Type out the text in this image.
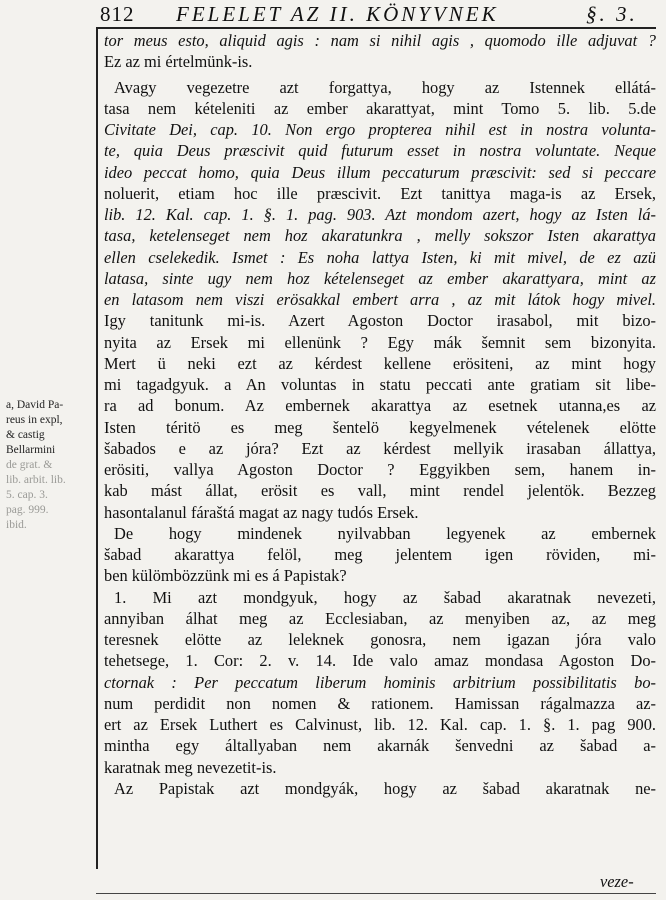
812 FELELET AZ II. KÖNYVNEK	§. 3.
a, David Pa-
reus in expl,
& castig
Bellarmini
de grat. &
lib. arbit. lib.
5. cap. 3.
pag. 999.
ibid.
tor meus esto, aliquid agis : nam si nihil agis , quomodo ille adjuvat ?
Ez az mi értelmünk-is.
Avagy vegezetre azt forgattya, hogy az Istennek ellátá-
tasa nem kételeniti az ember akarattyat, mint Tomo 5. lib. 5.de
Civitate Dei, cap. 10. Non ergo propterea nihil est in nostra volunta-
te, quia Deus præscivit quid futurum esset in nostra voluntate. Neque
ideo peccat homo, quia Deus illum peccaturum præscivit: sed si peccare
noluerit, etiam hoc ille præscivit. Ezt tanittya maga-is az Ersek,
lib. 12. Kal. cap. 1. §. 1. pag. 903. Azt mondom azert, hogy az Isten lá-
tasa, ketelenseget nem hoz akaratunkra , melly sokszor Isten akarattya
ellen cselekedik. Ismet : Es noha lattya Isten, ki mit mivel, de ez azü
latasa, sinte ugy nem hoz kételenseget az ember akarattyara, mint az
en latasom nem viszi erösakkal embert arra , az mit látok hogy mivel.
Igy tanitunk mi-is. Azert Agoston Doctor irasabol, mit bizo-
nyita az Ersek mi ellenünk ? Egy mák šemnit sem bizonyita.
Mert ü neki ezt az kérdest kellene erösiteni, az mint hogy
mi tagadgyuk. a An voluntas in statu peccati ante gratiam sit libe-
ra ad bonum. Az embernek akarattya az esetnek utanna,es az
Isten téritö es meg šentelö kegyelmenek vételenek elötte
šabados e az jóra? Ezt az kérdest mellyik irasaban állattya,
erösiti, vallya Agoston Doctor ? Eggyikben sem, hanem in-
kab mást állat, erösit es vall, mint rendel jelentök. Bezzeg
hasontalanul fáraštá magat az nagy tudós Ersek.
De hogy mindenek nyilvabban legyenek az embernek
šabad akarattya felöl, meg jelentem igen röviden, mi-
ben külömbözzünk mi es á Papistak?
1. Mi azt mondgyuk, hogy az šabad akaratnak nevezeti,
annyiban álhat meg az Ecclesiaban, az menyiben az, az meg
teresnek elötte az leleknek gonosra, nem igazan jóra valo
tehetsege, 1. Cor: 2. v. 14. Ide valo amaz mondasa Agoston Do-
ctornak : Per peccatum liberum hominis arbitrium possibilitatis bo-
num perdidit non nomen & rationem. Hamissan rágalmazza az-
ert az Ersek Luthert es Calvinust, lib. 12. Kal. cap. 1. §. 1. pag 900.
mintha egy általlyaban nem akarnák šenvedni az šabad a-
karatnak meg nevezetit-is.
Az Papistak azt mondgyák, hogy az šabad akaratnak ne-
veze-
